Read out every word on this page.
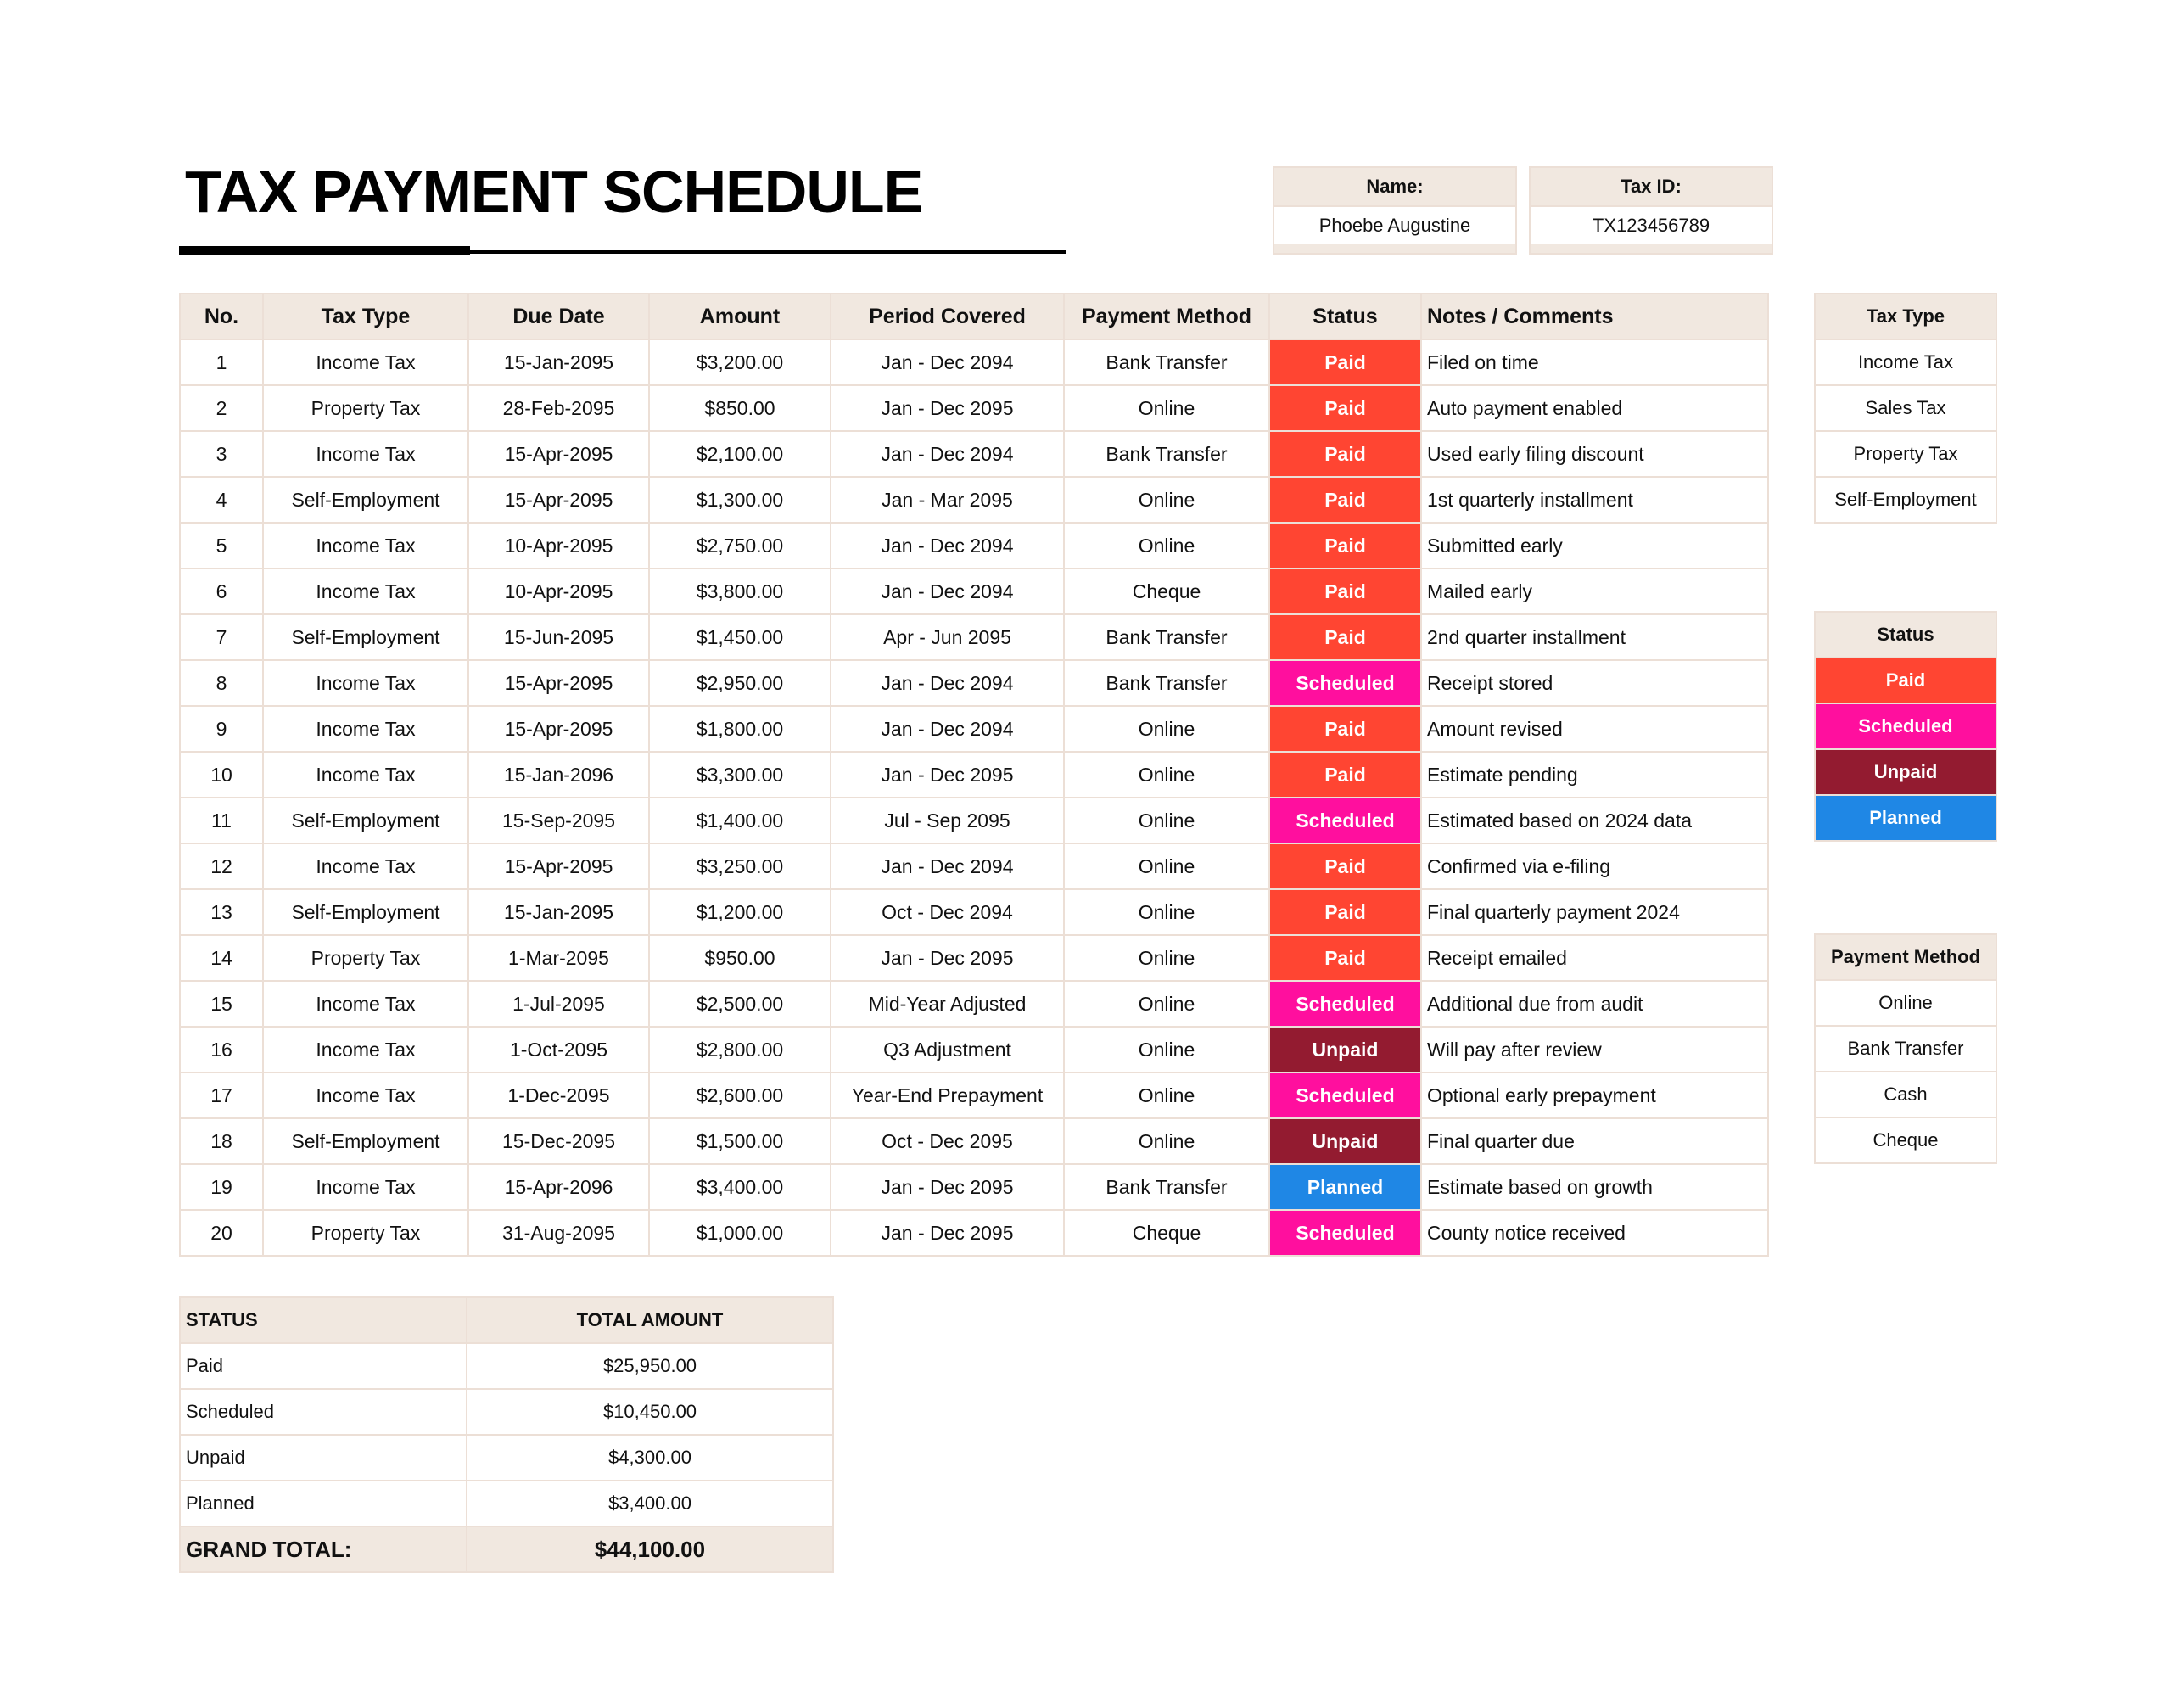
TAX PAYMENT SCHEDULE	Name:
Phoebe Augustine
Tax ID:
TX123456789
No.	Tax Type	Due Date	Amount	Period Covered	Payment Method	Status	Notes / Comments
1	Income Tax	15-Jan-2095	$3,200.00	Jan - Dec 2094	Bank Transfer	Paid	Filed on time
2	Property Tax	28-Feb-2095	$850.00	Jan - Dec 2095	Online	Paid	Auto payment enabled
3	Income Tax	15-Apr-2095	$2,100.00	Jan - Dec 2094	Bank Transfer	Paid	Used early filing discount
4	Self-Employment	15-Apr-2095	$1,300.00	Jan - Mar 2095	Online	Paid	1st quarterly installment
5	Income Tax	10-Apr-2095	$2,750.00	Jan - Dec 2094	Online	Paid	Submitted early
6	Income Tax	10-Apr-2095	$3,800.00	Jan - Dec 2094	Cheque	Paid	Mailed early
7	Self-Employment	15-Jun-2095	$1,450.00	Apr - Jun 2095	Bank Transfer	Paid	2nd quarter installment
8	Income Tax	15-Apr-2095	$2,950.00	Jan - Dec 2094	Bank Transfer	Scheduled	Receipt stored
9	Income Tax	15-Apr-2095	$1,800.00	Jan - Dec 2094	Online	Paid	Amount revised
10	Income Tax	15-Jan-2096	$3,300.00	Jan - Dec 2095	Online	Paid	Estimate pending
11	Self-Employment	15-Sep-2095	$1,400.00	Jul - Sep 2095	Online	Scheduled	Estimated based on 2024 data
12	Income Tax	15-Apr-2095	$3,250.00	Jan - Dec 2094	Online	Paid	Confirmed via e-filing
13	Self-Employment	15-Jan-2095	$1,200.00	Oct - Dec 2094	Online	Paid	Final quarterly payment 2024
14	Property Tax	1-Mar-2095	$950.00	Jan - Dec 2095	Online	Paid	Receipt emailed
15	Income Tax	1-Jul-2095	$2,500.00	Mid-Year Adjusted	Online	Scheduled	Additional due from audit
16	Income Tax	1-Oct-2095	$2,800.00	Q3 Adjustment	Online	Unpaid	Will pay after review
17	Income Tax	1-Dec-2095	$2,600.00	Year-End Prepayment	Online	Scheduled	Optional early prepayment
18	Self-Employment	15-Dec-2095	$1,500.00	Oct - Dec 2095	Online	Unpaid	Final quarter due
19	Income Tax	15-Apr-2096	$3,400.00	Jan - Dec 2095	Bank Transfer	Planned	Estimate based on growth
20	Property Tax	31-Aug-2095	$1,000.00	Jan - Dec 2095	Cheque	Scheduled	County notice received
Tax Type
Income Tax
Sales Tax
Property Tax
Self-Employment
Status
Paid
Scheduled
Unpaid
Planned
Payment Method
Online
Bank Transfer
Cash
Cheque
STATUS	TOTAL AMOUNT
Paid	$25,950.00
Scheduled	$10,450.00
Unpaid	$4,300.00
Planned	$3,400.00
GRAND TOTAL:	$44,100.00
